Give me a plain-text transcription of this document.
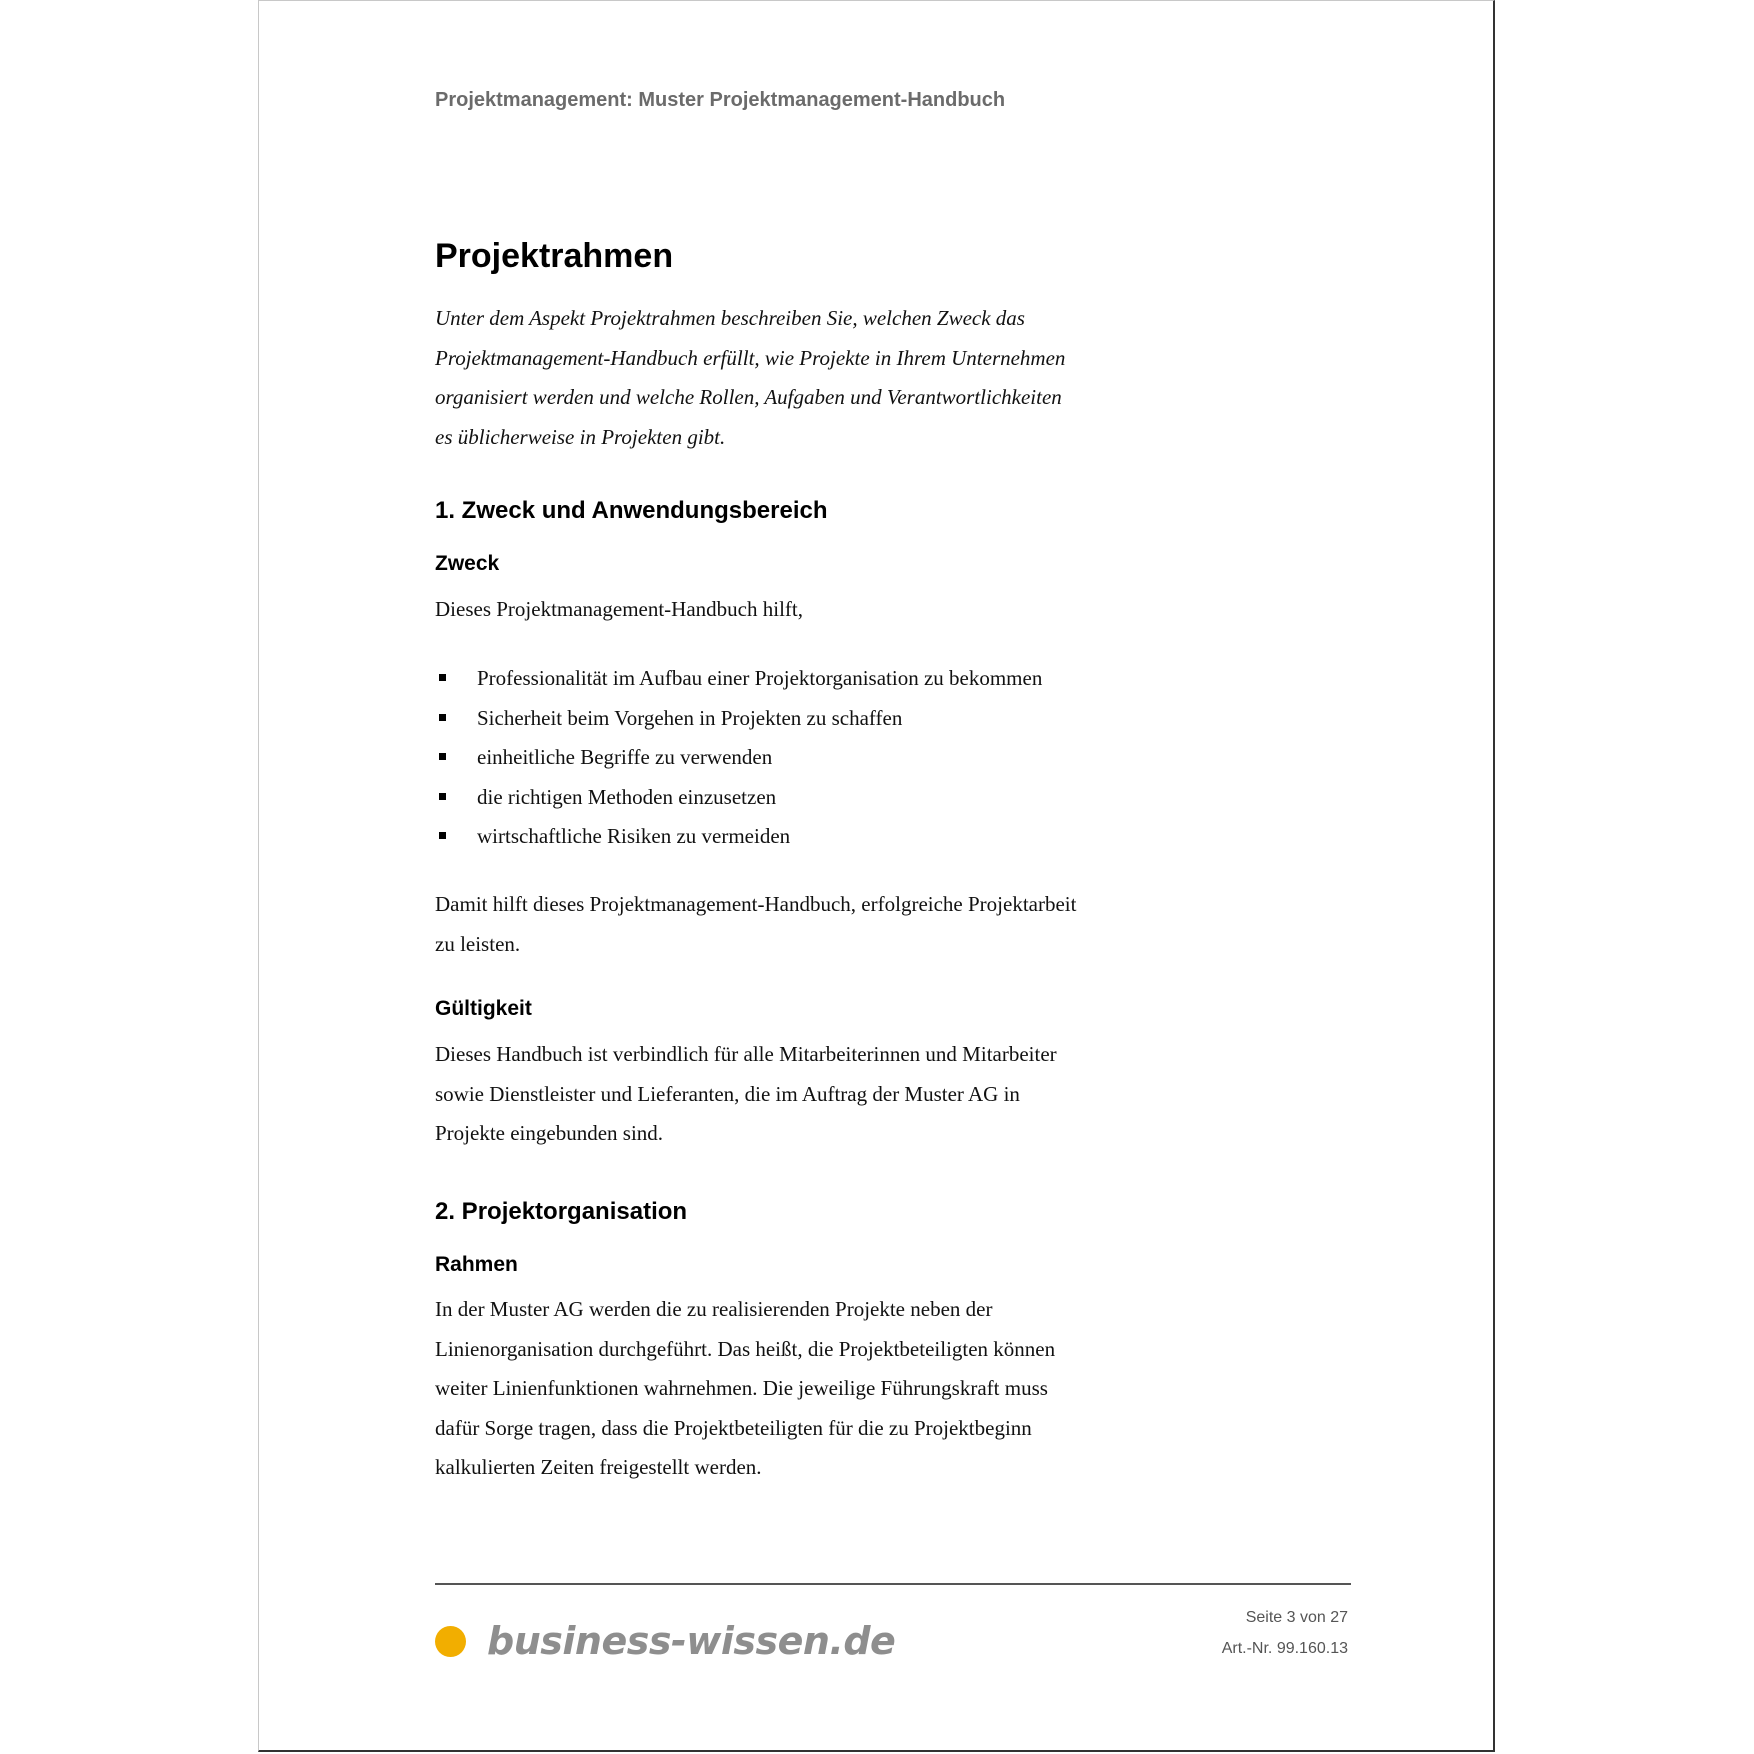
Projektmanagement: Muster Projektmanagement-Handbuch
Projektrahmen
Unter dem Aspekt Projektrahmen beschreiben Sie, welchen Zweck das
Projektmanagement-Handbuch erfüllt, wie Projekte in Ihrem Unternehmen
organisiert werden und welche Rollen, Aufgaben und Verantwortlichkeiten
es üblicherweise in Projekten gibt.
1. Zweck und Anwendungsbereich
Zweck
Dieses Projektmanagement-Handbuch hilft,
Professionalität im Aufbau einer Projektorganisation zu bekommen
Sicherheit beim Vorgehen in Projekten zu schaffen
einheitliche Begriffe zu verwenden
die richtigen Methoden einzusetzen
wirtschaftliche Risiken zu vermeiden
Damit hilft dieses Projektmanagement-Handbuch, erfolgreiche Projektarbeit
zu leisten.
Gültigkeit
Dieses Handbuch ist verbindlich für alle Mitarbeiterinnen und Mitarbeiter
sowie Dienstleister und Lieferanten, die im Auftrag der Muster AG in
Projekte eingebunden sind.
2. Projektorganisation
Rahmen
In der Muster AG werden die zu realisierenden Projekte neben der
Linienorganisation durchgeführt. Das heißt, die Projektbeteiligten können
weiter Linienfunktionen wahrnehmen. Die jeweilige Führungskraft muss
dafür Sorge tragen, dass die Projektbeteiligten für die zu Projektbeginn
kalkulierten Zeiten freigestellt werden.
business-wissen.de
Seite 3 von 27
Art.-Nr. 99.160.13
